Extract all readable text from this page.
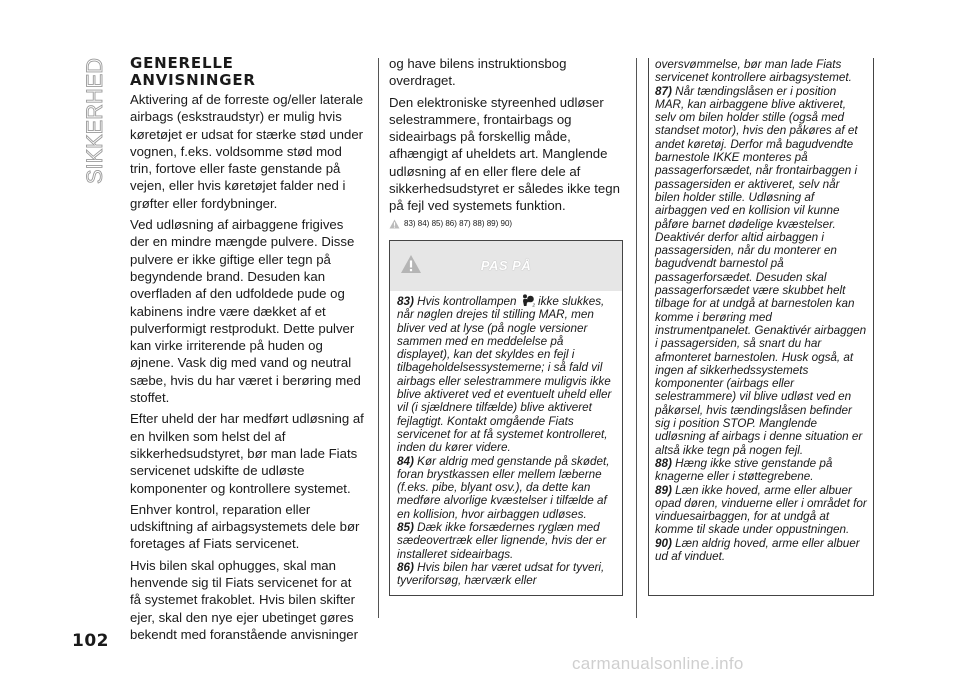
SIKKERHED GENERELLE
ANVISNINGER

Aktivering af de forreste og/eller laterale airbags (eskstraudstyr) er mulig hvis køretøjet er udsat for stærke stød under vognen, f.eks. voldsomme stød mod trin, fortove eller faste genstande på vejen, eller hvis køretøjet falder ned i grøfter eller fordybninger.

Ved udløsning af airbaggene frigives der en mindre mængde pulvere. Disse pulvere er ikke giftige eller tegn på begyndende brand. Desuden kan overfladen af den udfoldede pude og kabinens indre være dækket af et pulverformigt restprodukt. Dette pulver kan virke irriterende på huden og øjnene. Vask dig med vand og neutral sæbe, hvis du har været i berøring med stoffet.

Efter uheld der har medført udløsning af en hvilken som helst del af sikkerhedsudstyret, bør man lade Fiats servicenet udskifte de udløste komponenter og kontrollere systemet.

Enhver kontrol, reparation eller udskiftning af airbagsystemets dele bør foretages af Fiats servicenet.

Hvis bilen skal ophugges, skal man henvende sig til Fiats servicenet for at få systemet frakoblet. Hvis bilen skifter ejer, skal den nye ejer ubetinget gøres bekendt med foranstående anvisninger

og have bilens instruktionsbog overdraget.

Den elektroniske styreenhed udløser selestrammere, frontairbags og sideairbags på forskellig måde, afhængigt af uheldets art. Manglende udløsning af en eller flere dele af sikkerhedsudstyret er således ikke tegn på fejl ved systemets funktion.

83) 84) 85) 86) 87) 88) 89) 90)
PAS PÅ

83) Hvis kontrollampen	2 ikke slukkes, når nøglen drejes til stilling MAR, men bliver ved at lyse (på nogle versioner sammen med en meddelelse på displayet), kan det skyldes en fejl i tilbageholdelsessystemerne; i så fald vil airbags eller selestrammere muligvis ikke blive aktiveret ved et eventuelt uheld eller vil (i sjældnere tilfælde) blive aktiveret fejlagtigt. Kontakt omgående Fiats servicenet for at få systemet kontrolleret, inden du kører videre.

84) Kør aldrig med genstande på skødet, foran brystkassen eller mellem læberne (f.eks. pibe, blyant osv.), da dette kan medføre alvorlige kvæstelser i tilfælde af en kollision, hvor airbaggen udløses.

85) Dæk ikke forsædernes ryglæn med sædeovertræk eller lignende, hvis der er installeret sideairbags.

86) Hvis bilen har været udsat for tyveri, tyveriforsøg, hærværk eller

oversvømmelse, bør man lade Fiats servicenet kontrollere airbagsystemet.

87) Når tændingslåsen er i position MAR, kan airbaggene blive aktiveret, selv om bilen holder stille (også med standset motor), hvis den påkøres af et andet køretøj. Derfor må bagudvendte barnestole IKKE monteres på passagerforsædet, når frontairbaggen i passagersiden er aktiveret, selv når bilen holder stille. Udløsning af airbaggen ved en kollision vil kunne påføre barnet dødelige kvæstelser. Deaktivér derfor altid airbaggen i passagersiden, når du monterer en bagudvendt barnestol på passagerforsædet. Desuden skal passagerforsædet være skubbet helt tilbage for at undgå at barnestolen kan komme i berøring med instrumentpanelet. Genaktivér airbaggen i passagersiden, så snart du har afmonteret barnestolen. Husk også, at ingen af sikkerhedssystemets komponenter (airbags eller selestrammere) vil blive udløst ved en påkørsel, hvis tændingslåsen befinder sig i position STOP. Manglende udløsning af airbags i denne situation er altså ikke tegn på nogen fejl.

88) Hæng ikke stive genstande på knagerne eller i støttegrebene.

89) Læn ikke hoved, arme eller albuer opad døren, vinduerne eller i området for vinduesairbaggen, for at undgå at komme til skade under oppustningen.

90) Læn aldrig hoved, arme eller albuer ud af vinduet.

102
carmanualsonline.info
